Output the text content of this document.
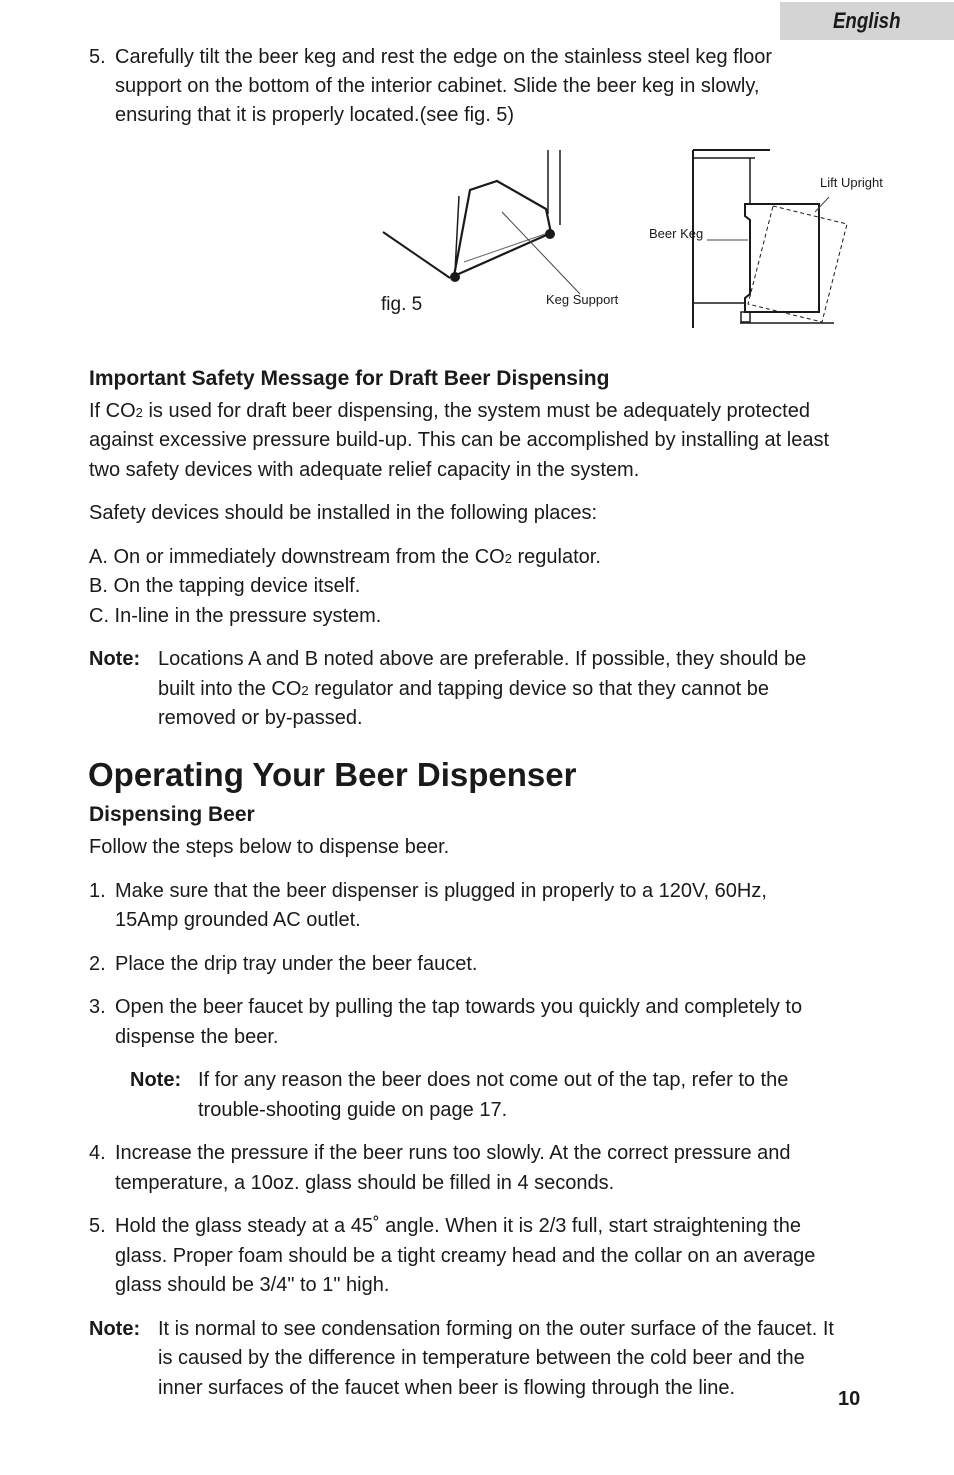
English
5. Carefully tilt the beer keg and rest the edge on the stainless steel keg floor
support on the bottom of the interior cabinet. Slide the beer keg in slowly,
ensuring that it is properly located.(see fig. 5)
fig. 5	Keg Support
Beer Keg
Lift Upright
Important Safety Message for Draft Beer Dispensing
If CO2 is used for draft beer dispensing, the system must be adequately protected
against excessive pressure build-up. This can be accomplished by installing at least
two safety devices with adequate relief capacity in the system.
Safety devices should be installed in the following places:
A. On or immediately downstream from the CO2 regulator.
B. On the tapping device itself.
C. In-line in the pressure system.
Note: Locations A and B noted above are preferable. If possible, they should be
built into the CO2 regulator and tapping device so that they cannot be
removed or by-passed.
Operating Your Beer Dispenser
Dispensing Beer
Follow the steps below to dispense beer.
1. Make sure that the beer dispenser is plugged in properly to a 120V, 60Hz,
15Amp grounded AC outlet.
2. Place the drip tray under the beer faucet.
3. Open the beer faucet by pulling the tap towards you quickly and completely to
dispense the beer.
Note: If for any reason the beer does not come out of the tap, refer to the
trouble-shooting guide on page 17.
4. Increase the pressure if the beer runs too slowly. At the correct pressure and
temperature, a 10oz. glass should be filled in 4 seconds.
5. Hold the glass steady at a 45˚ angle. When it is 2/3 full, start straightening the
glass. Proper foam should be a tight creamy head and the collar on an average
glass should be 3/4" to 1" high.
Note: It is normal to see condensation forming on the outer surface of the faucet. It
is caused by the difference in temperature between the cold beer and the
inner surfaces of the faucet when beer is flowing through the line.	10
